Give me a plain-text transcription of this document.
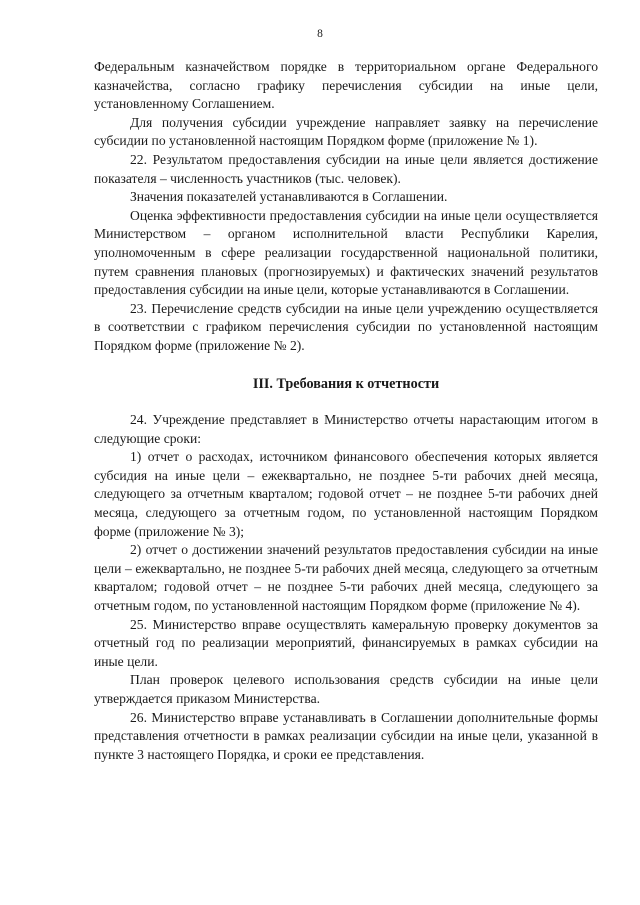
8

Федеральным казначейством порядке в территориальном органе Федерального казначейства, согласно графику перечисления субсидии на иные цели, установленному Соглашением.

Для получения субсидии учреждение направляет заявку на перечисление субсидии по установленной настоящим Порядком форме (приложение № 1).

22. Результатом предоставления субсидии на иные цели является достижение показателя – численность участников (тыс. человек).

Значения показателей устанавливаются в Соглашении.

Оценка эффективности предоставления субсидии на иные цели осуществляется Министерством – органом исполнительной власти Республики Карелия, уполномоченным в сфере реализации государственной национальной политики, путем сравнения плановых (прогнозируемых) и фактических значений результатов предоставления субсидии на иные цели, которые устанавливаются в Соглашении.

23. Перечисление средств субсидии на иные цели учреждению осуществляется в соответствии с графиком перечисления субсидии по установленной настоящим Порядком форме (приложение № 2).

III. Требования к отчетности

24. Учреждение представляет в Министерство отчеты нарастающим итогом в следующие сроки:

1) отчет о расходах, источником финансового обеспечения которых является субсидия на иные цели – ежеквартально, не позднее 5-ти рабочих дней месяца, следующего за отчетным кварталом; годовой отчет – не позднее 5-ти рабочих дней месяца, следующего за отчетным годом, по установленной настоящим Порядком форме (приложение № 3);

2) отчет о достижении значений результатов предоставления субсидии на иные цели – ежеквартально, не позднее 5-ти рабочих дней месяца, следующего за отчетным кварталом; годовой отчет – не позднее 5-ти рабочих дней месяца, следующего за отчетным годом, по установленной настоящим Порядком форме (приложение № 4).

25. Министерство вправе осуществлять камеральную проверку документов за отчетный год по реализации мероприятий, финансируемых в рамках субсидии на иные цели.

План проверок целевого использования средств субсидии на иные цели утверждается приказом Министерства.

26. Министерство вправе устанавливать в Соглашении дополнительные формы представления отчетности в рамках реализации субсидии на иные цели, указанной в пункте 3 настоящего Порядка, и сроки ее представления.
